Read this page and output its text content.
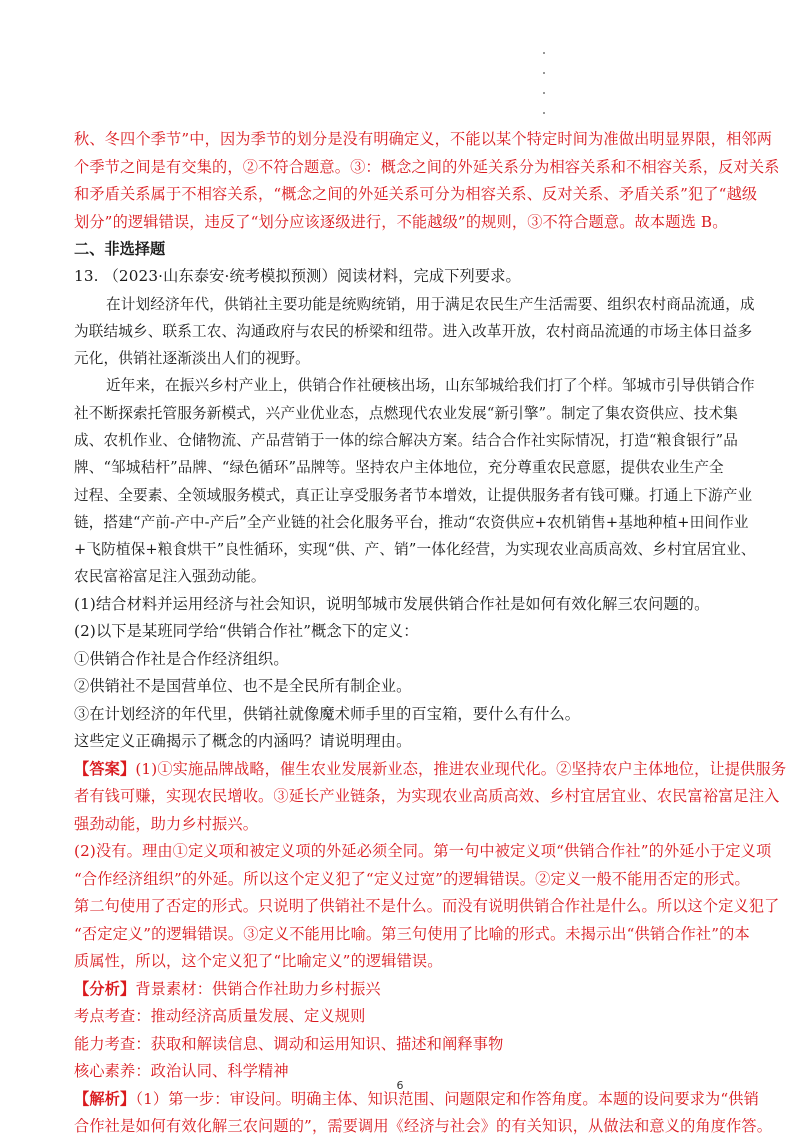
秋、冬四个季节”中，因为季节的划分是没有明确定义，不能以某个特定时间为准做出明显界限，相邻两
个季节之间是有交集的，②不符合题意。③：概念之间的外延关系分为相容关系和不相容关系，反对关系
和矛盾关系属于不相容关系，“概念之间的外延关系可分为相容关系、反对关系、矛盾关系”犯了“越级
划分”的逻辑错误，违反了“划分应该逐级进行，不能越级”的规则，③不符合题意。故本题选 B。
二、非选择题
13. （2023·山东泰安·统考模拟预测）阅读材料，完成下列要求。
在计划经济年代，供销社主要功能是统购统销，用于满足农民生产生活需要、组织农村商品流通，成
为联结城乡、联系工农、沟通政府与农民的桥梁和纽带。进入改革开放，农村商品流通的市场主体日益多
元化，供销社逐渐淡出人们的视野。
近年来，在振兴乡村产业上，供销合作社硬核出场，山东邹城给我们打了个样。邹城市引导供销合作
社不断探索托管服务新模式，兴产业优业态，点燃现代农业发展“新引擎”。制定了集农资供应、技术集
成、农机作业、仓储物流、产品营销于一体的综合解决方案。结合合作社实际情况，打造“粮食银行”品
牌、“邹城秸杆”品牌、“绿色循环”品牌等。坚持农户主体地位，充分尊重农民意愿，提供农业生产全
过程、全要素、全领域服务模式，真正让享受服务者节本增效，让提供服务者有钱可赚。打通上下游产业
链，搭建“产前-产中-产后”全产业链的社会化服务平台，推动“农资供应+农机销售+基地种植+田间作业
+飞防植保+粮食烘干”良性循环，实现“供、产、销”一体化经营，为实现农业高质高效、乡村宜居宜业、
农民富裕富足注入强劲动能。
(1)结合材料并运用经济与社会知识，说明邹城市发展供销合作社是如何有效化解三农问题的。
(2)以下是某班同学给“供销合作社”概念下的定义：
①供销合作社是合作经济组织。
②供销社不是国营单位、也不是全民所有制企业。
③在计划经济的年代里，供销社就像魔术师手里的百宝箱，要什么有什么。
这些定义正确揭示了概念的内涵吗？请说明理由。
【答案】(1)①实施品牌战略，催生农业发展新业态，推进农业现代化。②坚持农户主体地位，让提供服务
者有钱可赚，实现农民增收。③延长产业链条，为实现农业高质高效、乡村宜居宜业、农民富裕富足注入
强劲动能，助力乡村振兴。
(2)没有。理由①定义项和被定义项的外延必须全同。第一句中被定义项“供销合作社”的外延小于定义项
“合作经济组织”的外延。所以这个定义犯了“定义过宽”的逻辑错误。②定义一般不能用否定的形式。
第二句使用了否定的形式。只说明了供销社不是什么。而没有说明供销合作社是什么。所以这个定义犯了
“否定定义”的逻辑错误。③定义不能用比喻。第三句使用了比喻的形式。未揭示出“供销合作社”的本
质属性，所以，这个定义犯了“比喻定义”的逻辑错误。
【分析】背景素材：供销合作社助力乡村振兴
考点考查：推动经济高质量发展、定义规则
能力考查：获取和解读信息、调动和运用知识、描述和阐释事物
核心素养：政治认同、科学精神
【解析】（1）第一步：审设问。明确主体、知识范围、问题限定和作答角度。本题的设问要求为“供销
合作社是如何有效化解三农问题的”，需要调用《经济与社会》的有关知识，从做法和意义的角度作答。
6
